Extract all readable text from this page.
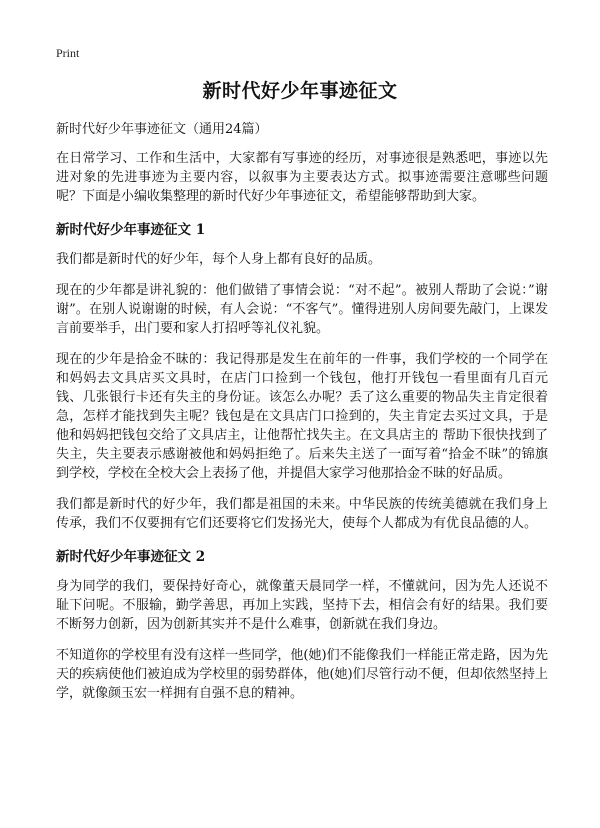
Print
新时代好少年事迹征文

新时代好少年事迹征文（通用24篇）

在日常学习、工作和生活中，大家都有写事迹的经历，对事迹很是熟悉吧，事迹以先进对象的先进事迹为主要内容，以叙事为主要表达方式。拟事迹需要注意哪些问题呢？下面是小编收集整理的新时代好少年事迹征文，希望能够帮助到大家。

新时代好少年事迹征文 1

我们都是新时代的好少年，每个人身上都有良好的品质。

现在的少年都是讲礼貌的：他们做错了事情会说：“对不起”。被别人帮助了会说：”谢谢”。在别人说谢谢的时候，有人会说：“不客气”。懂得进别人房间要先敲门，上课发言前要举手，出门要和家人打招呼等礼仪礼貌。

现在的少年是拾金不昧的：我记得那是发生在前年的一件事，我们学校的一个同学在和妈妈去文具店买文具时，在店门口捡到一个钱包，他打开钱包一看里面有几百元钱、几张银行卡还有失主的身份证。该怎么办呢？丢了这么重要的物品失主肯定很着急，怎样才能找到失主呢？钱包是在文具店门口捡到的，失主肯定去买过文具，于是他和妈妈把钱包交给了文具店主，让他帮忙找失主。在文具店主的 帮助下很快找到了失主，失主要表示感谢被他和妈妈拒绝了。后来失主送了一面写着“拾金不昧”的锦旗到学校，学校在全校大会上表扬了他，并提倡大家学习他那拾金不昧的好品质。

我们都是新时代的好少年，我们都是祖国的未来。中华民族的传统美德就在我们身上传承，我们不仅要拥有它们还要将它们发扬光大，使每个人都成为有优良品德的人。

新时代好少年事迹征文 2

身为同学的我们，要保持好奇心，就像董天晨同学一样，不懂就问，因为先人还说不耻下问呢。不服输，勤学善思，再加上实践，坚持下去，相信会有好的结果。我们要不断努力创新，因为创新其实并不是什么难事，创新就在我们身边。

不知道你的学校里有没有这样一些同学，他(她)们不能像我们一样能正常走路，因为先天的疾病使他们被迫成为学校里的弱势群体，他(她)们尽管行动不便，但却依然坚持上学，就像颜玉宏一样拥有自强不息的精神。
